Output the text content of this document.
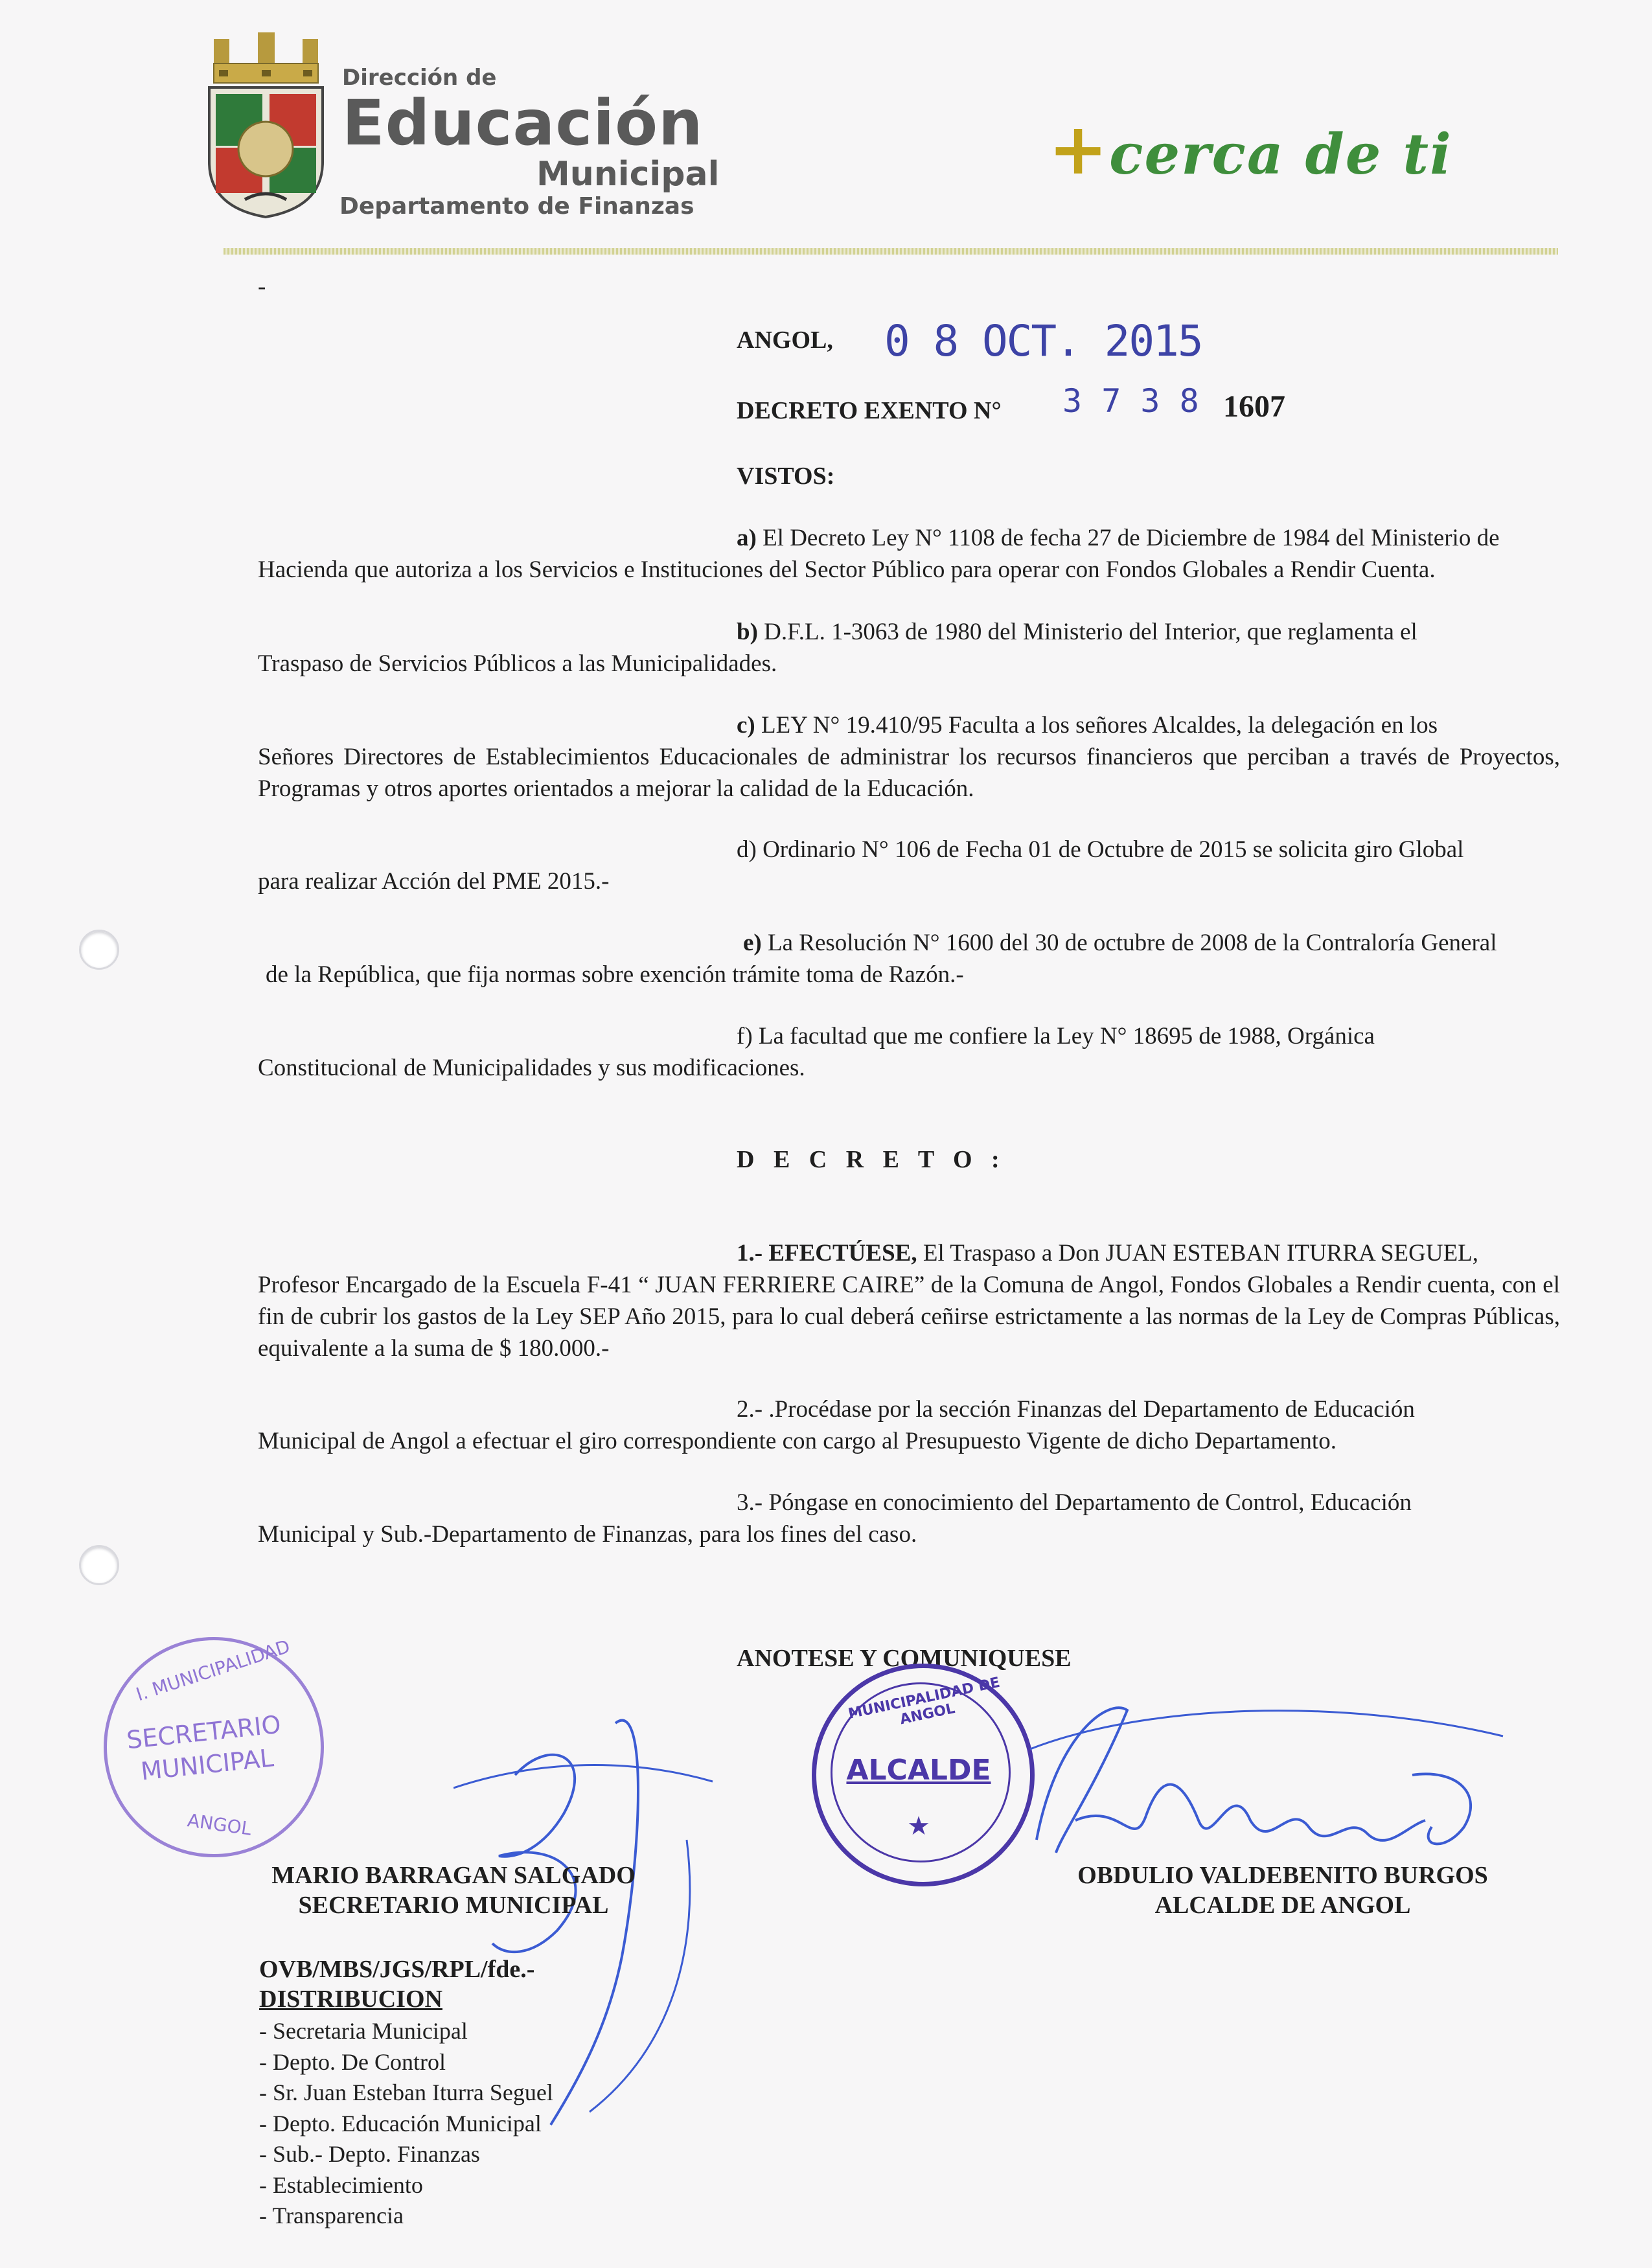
Dirección de
Educación
Municipal
Departamento de Finanzas
+cerca de ti
-
ANGOL, 0 8 OCT. 2015
DECRETO EXENTO N° 3 7 3 8 1607
VISTOS:
a) El Decreto Ley N° 1108 de fecha 27 de Diciembre de 1984 del Ministerio de
Hacienda que autoriza a los Servicios e Instituciones del Sector Público para operar con Fondos Globales a Rendir Cuenta.
b) D.F.L. 1-3063 de 1980 del Ministerio del Interior, que reglamenta el
Traspaso de Servicios Públicos a las Municipalidades.
c) LEY N° 19.410/95 Faculta a los señores Alcaldes, la delegación en los
Señores Directores de Establecimientos Educacionales de administrar los recursos financieros que perciban a través de Proyectos, Programas y otros aportes orientados a mejorar la calidad de la Educación.
d) Ordinario N° 106 de Fecha 01 de Octubre de 2015 se solicita giro Global
para realizar Acción del PME 2015.-
e) La Resolución N° 1600 del 30 de octubre de 2008 de la Contraloría General
de la República, que fija normas sobre exención trámite toma de Razón.-
f) La facultad que me confiere la Ley N° 18695 de 1988, Orgánica
Constitucional de Municipalidades y sus modificaciones.
D E C R E T O :
1.- EFECTÚESE, El Traspaso a Don JUAN ESTEBAN ITURRA SEGUEL,
Profesor Encargado de la Escuela F-41 “ JUAN FERRIERE CAIRE” de la Comuna de Angol, Fondos Globales a Rendir cuenta, con el fin de cubrir los gastos de la Ley SEP Año 2015, para lo cual deberá ceñirse estrictamente a las normas de la Ley de Compras Públicas, equivalente a la suma de $ 180.000.-
2.- .Procédase por la sección Finanzas del Departamento de Educación
Municipal de Angol a efectuar el giro correspondiente con cargo al Presupuesto Vigente de dicho Departamento.
3.- Póngase en conocimiento del Departamento de Control, Educación
Municipal y Sub.-Departamento de Finanzas, para los fines del caso.
ANOTESE Y COMUNIQUESE
I. MUNICIPALIDAD
SECRETARIO
MUNICIPAL
ANGOL
MUNICIPALIDAD DE ANGOL
ALCALDE
★
MARIO BARRAGAN SALGADO
SECRETARIO MUNICIPAL
OBDULIO VALDEBENITO BURGOS
ALCALDE DE ANGOL
OVB/MBS/JGS/RPL/fde.-
DISTRIBUCION
- Secretaria Municipal
- Depto. De Control
- Sr. Juan Esteban Iturra Seguel
- Depto. Educación Municipal
- Sub.- Depto. Finanzas
- Establecimiento
- Transparencia
